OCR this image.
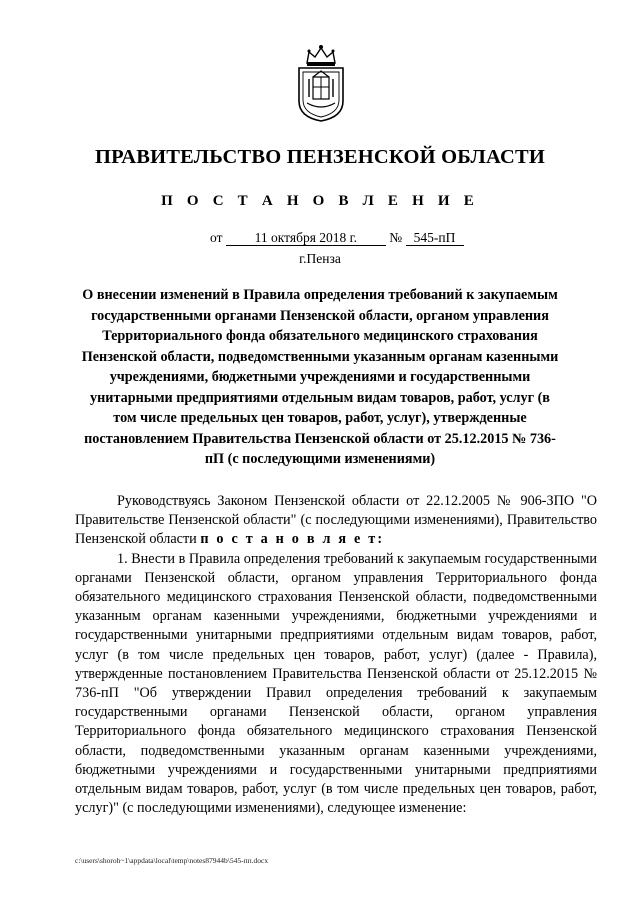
ПРАВИТЕЛЬСТВО ПЕНЗЕНСКОЙ ОБЛАСТИ
П О С Т А Н О В Л Е Н И Е
от 11 октября 2018 г. № 545-пП
г.Пенза
О внесении изменений в Правила определения требований к закупаемым государственными органами Пензенской области, органом управления Территориального фонда обязательного медицинского страхования Пензенской области, подведомственными указанным органам казенными учреждениями, бюджетными учреждениями и государственными унитарными предприятиями отдельным видам товаров, работ, услуг (в том числе предельных цен товаров, работ, услуг), утвержденные постановлением Правительства Пензенской области от 25.12.2015 № 736-пП (с последующими изменениями)

Руководствуясь Законом Пензенской области от 22.12.2005 № 906-ЗПО "О Правительстве Пензенской области" (с последующими изменениями), Правительство Пензенской области п о с т а н о в л я е т:

1. Внести в Правила определения требований к закупаемым государственными органами Пензенской области, органом управления Территориального фонда обязательного медицинского страхования Пензенской области, подведомственными указанным органам казенными учреждениями, бюджетными учреждениями и государственными унитарными предприятиями отдельным видам товаров, работ, услуг (в том числе предельных цен товаров, работ, услуг) (далее - Правила), утвержденные постановлением Правительства Пензенской области от 25.12.2015 № 736-пП "Об утверждении Правил определения требований к закупаемым государственными органами Пензенской области, органом управления Территориального фонда обязательного медицинского страхования Пензенской области, подведомственными указанным органам казенными учреждениями, бюджетными учреждениями и государственными унитарными предприятиями отдельным видам товаров, работ, услуг (в том числе предельных цен товаров, работ, услуг)" (с последующими изменениями), следующее изменение:

c:\users\shoroh~1\appdata\local\temp\notes87944b\545-пп.docx
